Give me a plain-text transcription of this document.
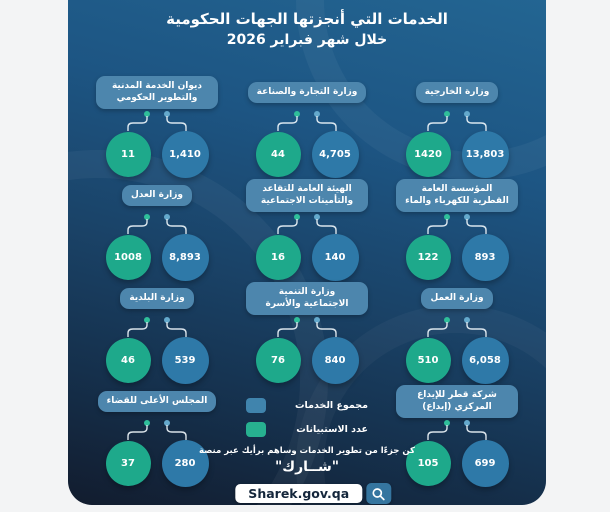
الخدمات التي أنجزتها الجهات الحكومية
خلال شهر فبراير 2026
مجموع الخدمات
عدد الاستبيانات
ديوان الخدمة المدنية والتطوير الحكومي
11	1,410
وزارة التجارة والصناعة
44	4,705
وزارة الخارجية
1420 13,803
وزارة العدل
1008	8,893
الهيئة العامة للتقاعد والتأمينات الاجتماعية
16	140
المؤسسة العامة القطرية للكهرباء والماء
122	893
وزارة البلدية
46	539
وزارة التنمية الاجتماعية والأسرة
76	840
وزارة العمل
510	6,058
المجلس الأعلى للقضاء
37	280
شركة قطر للإيداع المركزي (إيداع)
105	699
كن جزءًا من تطوير الخدمات وساهم برأيك عبر منصة
"شــارك"
Sharek.gov.qa
